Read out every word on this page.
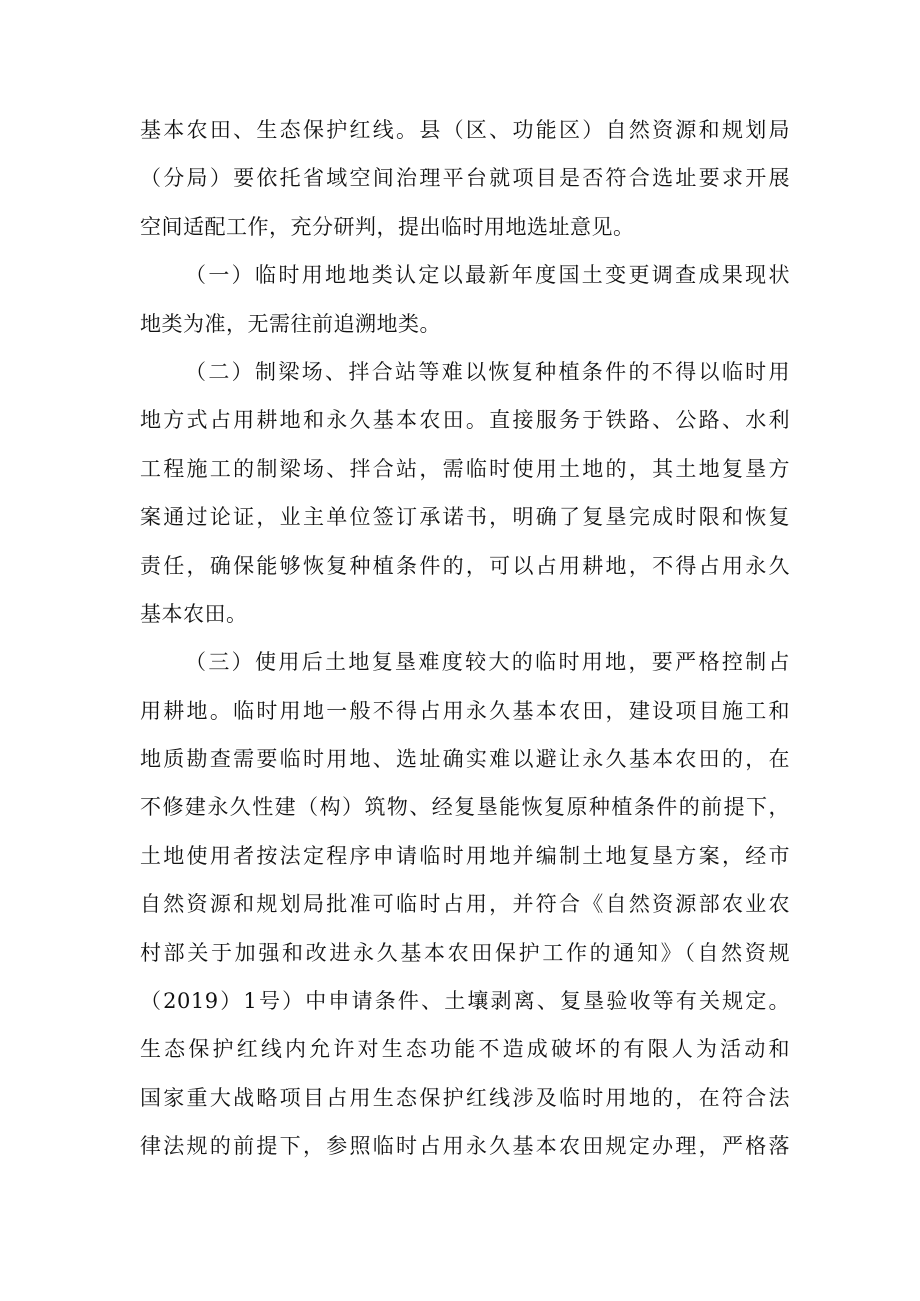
基本农田、生态保护红线。县（区、功能区）自然资源和规划局
（分局）要依托省域空间治理平台就项目是否符合选址要求开展
空间适配工作，充分研判，提出临时用地选址意见。
（一）临时用地地类认定以最新年度国土变更调查成果现状
地类为准，无需往前追溯地类。
（二）制梁场、拌合站等难以恢复种植条件的不得以临时用
地方式占用耕地和永久基本农田。直接服务于铁路、公路、水利
工程施工的制梁场、拌合站，需临时使用土地的，其土地复垦方
案通过论证，业主单位签订承诺书，明确了复垦完成时限和恢复
责任，确保能够恢复种植条件的，可以占用耕地，不得占用永久
基本农田。
（三）使用后土地复垦难度较大的临时用地，要严格控制占
用耕地。临时用地一般不得占用永久基本农田，建设项目施工和
地质勘查需要临时用地、选址确实难以避让永久基本农田的，在
不修建永久性建（构）筑物、经复垦能恢复原种植条件的前提下，
土地使用者按法定程序申请临时用地并编制土地复垦方案，经市
自然资源和规划局批准可临时占用，并符合《自然资源部农业农
村部关于加强和改进永久基本农田保护工作的通知》（自然资规
（2019）1号）中申请条件、土壤剥离、复垦验收等有关规定。
生态保护红线内允许对生态功能不造成破坏的有限人为活动和
国家重大战略项目占用生态保护红线涉及临时用地的，在符合法
律法规的前提下，参照临时占用永久基本农田规定办理，严格落
